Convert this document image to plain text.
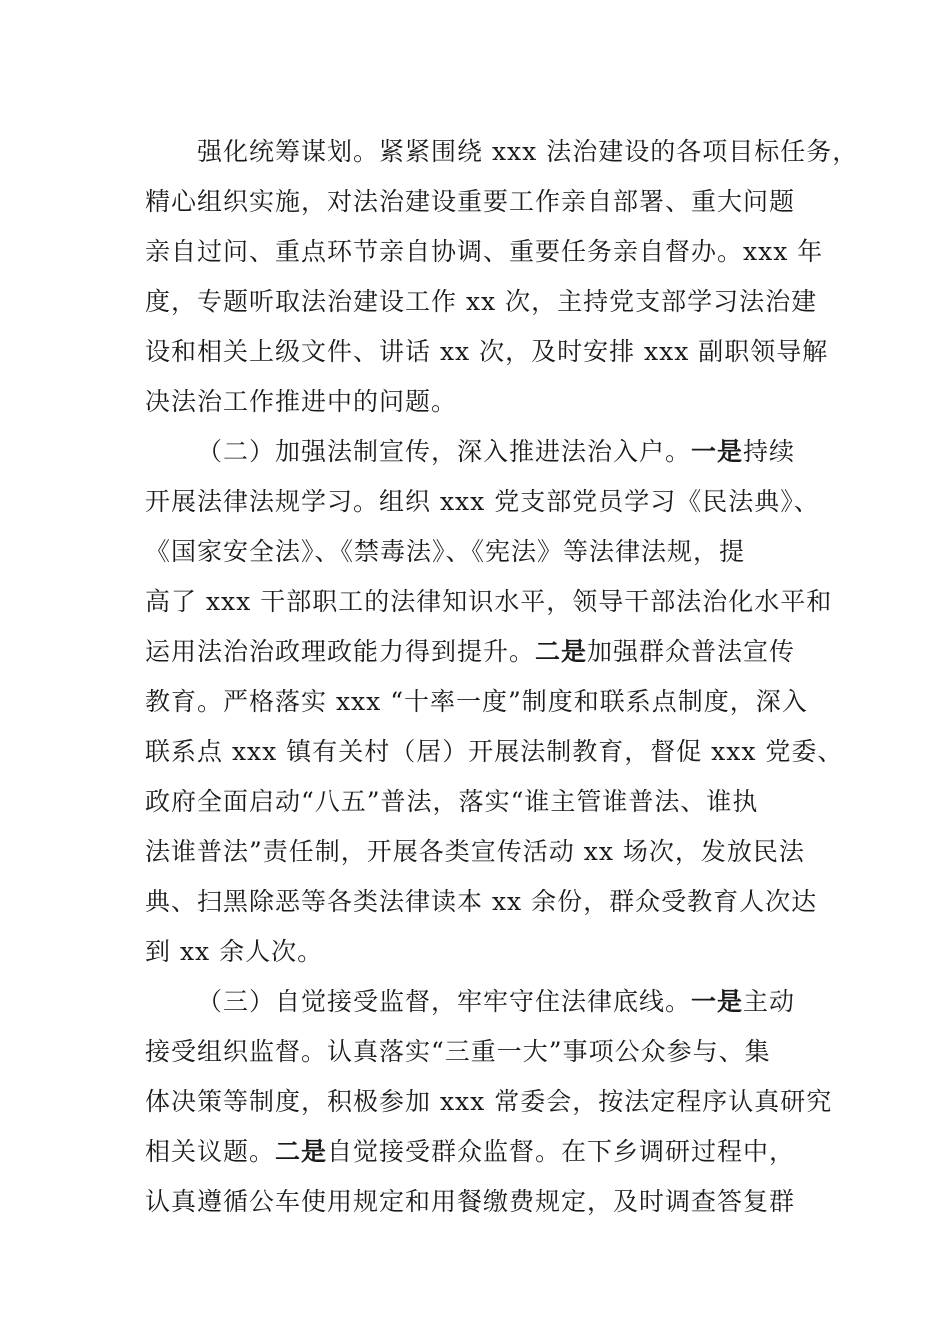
强化统筹谋划。紧紧围绕 xxx 法治建设的各项目标任务，
精心组织实施，对法治建设重要工作亲自部署、重大问题
亲自过问、重点环节亲自协调、重要任务亲自督办。xxx 年
度，专题听取法治建设工作 xx 次，主持党支部学习法治建
设和相关上级文件、讲话 xx 次，及时安排 xxx 副职领导解
决法治工作推进中的问题。
（二）加强法制宣传，深入推进法治入户。一是持续
开展法律法规学习。组织 xxx 党支部党员学习《民法典》、
《国家安全法》、《禁毒法》、《宪法》等法律法规，提
高了 xxx 干部职工的法律知识水平，领导干部法治化水平和
运用法治治政理政能力得到提升。二是加强群众普法宣传
教育。严格落实 xxx “十率一度”制度和联系点制度，深入
联系点 xxx 镇有关村（居）开展法制教育，督促 xxx 党委、
政府全面启动“八五”普法，落实“谁主管谁普法、谁执
法谁普法”责任制，开展各类宣传活动 xx 场次，发放民法
典、扫黑除恶等各类法律读本 xx 余份，群众受教育人次达
到 xx 余人次。
（三）自觉接受监督，牢牢守住法律底线。一是主动
接受组织监督。认真落实“三重一大”事项公众参与、集
体决策等制度，积极参加 xxx 常委会，按法定程序认真研究
相关议题。二是自觉接受群众监督。在下乡调研过程中，
认真遵循公车使用规定和用餐缴费规定，及时调查答复群
